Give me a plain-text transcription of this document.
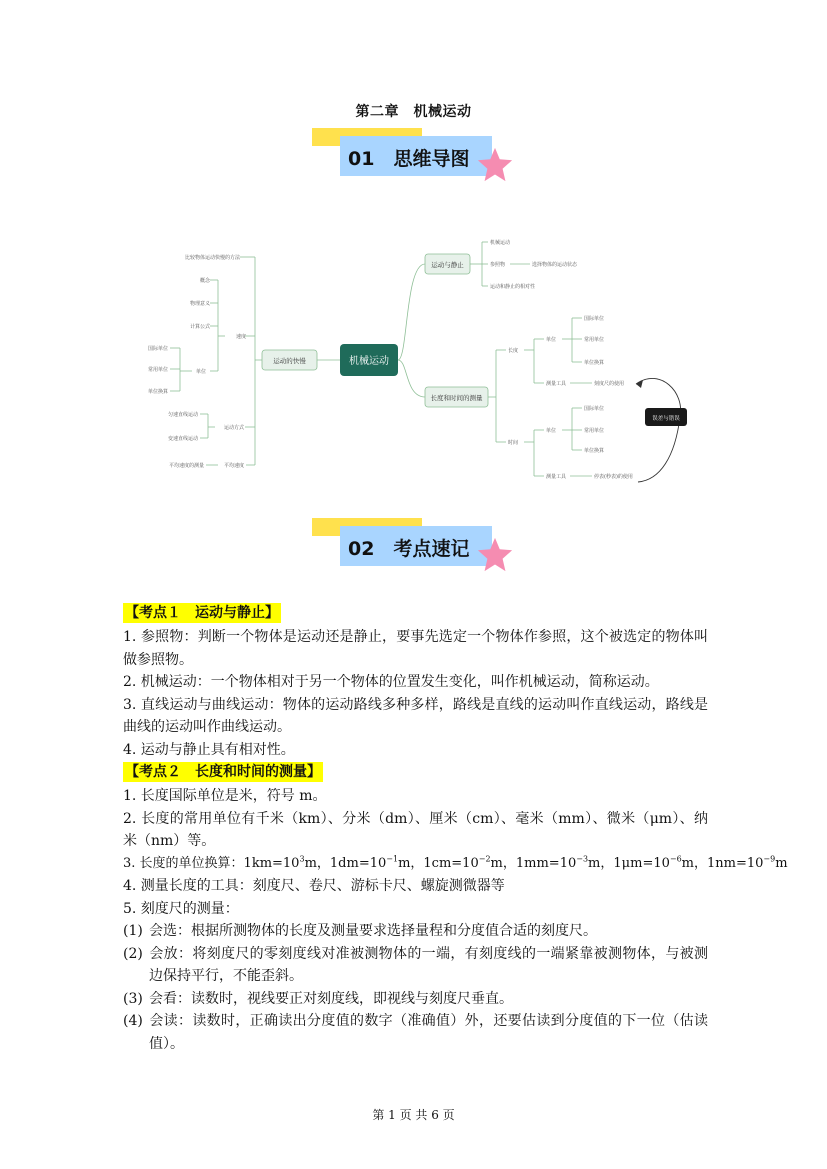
第二章　机械运动
01　思维导图
机械运动
运动的快慢
运动与静止
长度和时间的测量
误差与错误
比较物体运动快慢的方法
速度
概念
物理意义
计算公式
单位
国际单位
常用单位
单位换算
运动方式
匀速直线运动
变速直线运动
平均速度的测量	平均速度
机械运动
参照物
运动和静止的相对性
选择物体的运动状态
长度
单位
测量工具
国际单位
常用单位
单位换算
刻度尺的使用
时间
单位
测量工具
国际单位
常用单位
单位换算
停表(秒表)的使用
02　考点速记
【考点１　运动与静止】
1. 参照物：判断一个物体是运动还是静止，要事先选定一个物体作参照，这个被选定的物体叫做参照物。
2. 机械运动：一个物体相对于另一个物体的位置发生变化，叫作机械运动，简称运动。
3. 直线运动与曲线运动：物体的运动路线多种多样，路线是直线的运动叫作直线运动，路线是曲线的运动叫作曲线运动。
4. 运动与静止具有相对性。
【考点２　长度和时间的测量】
1. 长度国际单位是米，符号 m。
2. 长度的常用单位有千米（km）、分米（dm）、厘米（cm）、毫米（mm）、微米（μm）、纳米（nm）等。
3. 长度的单位换算：$1km=10^3m$，$1dm=10^{-1}m$，$1cm=10^{-2}m$，$1mm=10^{-3}m$，$1\mu m=10^{-6}m$，$1nm=10^{-9}m$
4. 测量长度的工具：刻度尺、卷尺、游标卡尺、螺旋测微器等
5. 刻度尺的测量：
(1) 会选：根据所测物体的长度及测量要求选择量程和分度值合适的刻度尺。
(2) 会放：将刻度尺的零刻度线对准被测物体的一端，有刻度线的一端紧靠被测物体，与被测边保持平行，不能歪斜。
(3) 会看：读数时，视线要正对刻度线，即视线与刻度尺垂直。
(4) 会读：读数时，正确读出分度值的数字（准确值）外，还要估读到分度值的下一位（估读值）。
第 1 页 共 6 页
